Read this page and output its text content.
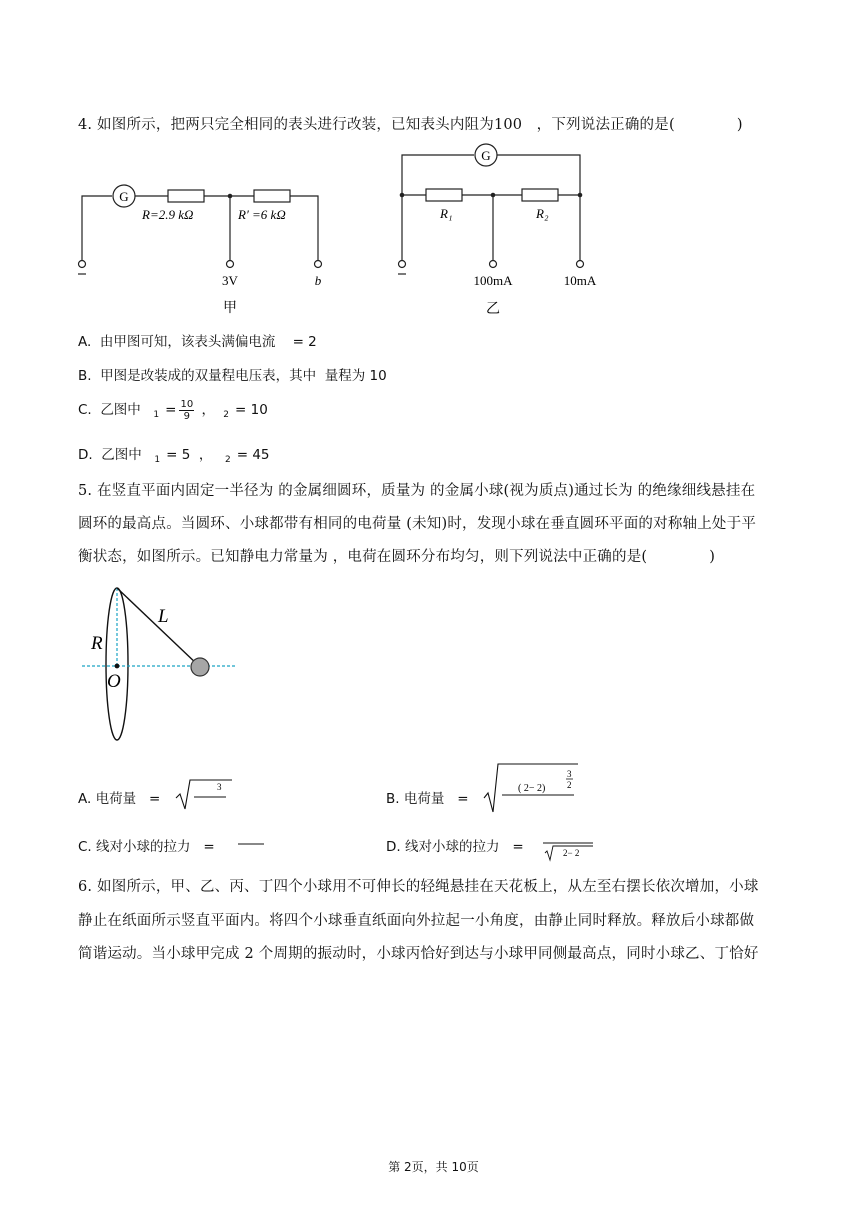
4. 如图所示，把两只完全相同的表头进行改装，已知表头内阻为100 ，下列说法正确的是(	)
G
R=2.9 kΩ	R′ =6 kΩ
3V	b
甲
G
R₁	R₂
100mA	10mA
乙
A. 由甲图可知，该表头满偏电流 = 2
B. 甲图是改装成的双量程电压表，其中 量程为 10
C. 乙图中 $_1 = \frac{10}{9}$ ， $_2$ = 10
D. 乙图中 $_1$ = 5  ，  $_2$ = 45
5. 在竖直平面内固定一半径为 的金属细圆环，质量为 的金属小球(视为质点)通过长为 的绝缘细线悬挂在
圆环的最高点。当圆环、小球都带有相同的电荷量 (未知)时，发现小球在垂直圆环平面的对称轴上处于平
衡状态，如图所示。已知静电力常量为 ，电荷在圆环分布均匀，则下列说法中正确的是(	)
R
L
O
A. 电荷量 =
3
B. 电荷量 =
( 2− 2)
3
2
C. 线对小球的拉力 =	D. 线对小球的拉力 =	2− 2
6. 如图所示，甲、乙、丙、丁四个小球用不可伸长的轻绳悬挂在天花板上，从左至右摆长依次增加，小球
静止在纸面所示竖直平面内。将四个小球垂直纸面向外拉起一小角度，由静止同时释放。释放后小球都做
简谐运动。当小球甲完成 2 个周期的振动时，小球丙恰好到达与小球甲同侧最高点，同时小球乙、丁恰好
第 2页，共 10页
